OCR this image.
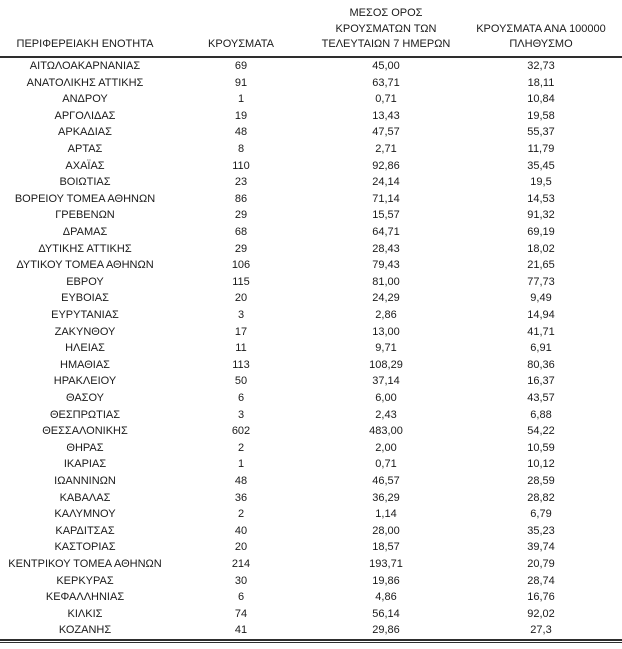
ΠΕΡΙΦΕΡΕΙΑΚΗ ΕΝΟΤΗΤΑ	ΚΡΟΥΣΜΑΤΑ	ΜΕΣΟΣ ΟΡΟΣ
ΚΡΟΥΣΜΑΤΩΝ ΤΩΝ
ΤΕΛΕΥΤΑΙΩΝ 7 ΗΜΕΡΩΝ	ΚΡΟΥΣΜΑΤΑ ΑΝΑ 100000
ΠΛΗΘΥΣΜΟ

ΑΙΤΩΛΟΑΚΑΡΝΑΝΙΑΣ	69	45,00	32,73
ΑΝΑΤΟΛΙΚΗΣ ΑΤΤΙΚΗΣ	91	63,71	18,11
ΑΝΔΡΟΥ	1	0,71	10,84
ΑΡΓΟΛΙΔΑΣ	19	13,43	19,58
ΑΡΚΑΔΙΑΣ	48	47,57	55,37
ΑΡΤΑΣ	8	2,71	11,79
ΑΧΑΪΑΣ	110	92,86	35,45
ΒΟΙΩΤΙΑΣ	23	24,14	19,5
ΒΟΡΕΙΟΥ ΤΟΜΕΑ ΑΘΗΝΩΝ	86	71,14	14,53
ΓΡΕΒΕΝΩΝ	29	15,57	91,32
ΔΡΑΜΑΣ	68	64,71	69,19
ΔΥΤΙΚΗΣ ΑΤΤΙΚΗΣ	29	28,43	18,02
ΔΥΤΙΚΟΥ ΤΟΜΕΑ ΑΘΗΝΩΝ	106	79,43	21,65
ΕΒΡΟΥ	115	81,00	77,73
ΕΥΒΟΙΑΣ	20	24,29	9,49
ΕΥΡΥΤΑΝΙΑΣ	3	2,86	14,94
ΖΑΚΥΝΘΟΥ	17	13,00	41,71
ΗΛΕΙΑΣ	11	9,71	6,91
ΗΜΑΘΙΑΣ	113	108,29	80,36
ΗΡΑΚΛΕΙΟΥ	50	37,14	16,37
ΘΑΣΟΥ	6	6,00	43,57
ΘΕΣΠΡΩΤΙΑΣ	3	2,43	6,88
ΘΕΣΣΑΛΟΝΙΚΗΣ	602	483,00	54,22
ΘΗΡΑΣ	2	2,00	10,59
ΙΚΑΡΙΑΣ	1	0,71	10,12
ΙΩΑΝΝΙΝΩΝ	48	46,57	28,59
ΚΑΒΑΛΑΣ	36	36,29	28,82
ΚΑΛΥΜΝΟΥ	2	1,14	6,79
ΚΑΡΔΙΤΣΑΣ	40	28,00	35,23
ΚΑΣΤΟΡΙΑΣ	20	18,57	39,74
ΚΕΝΤΡΙΚΟΥ ΤΟΜΕΑ ΑΘΗΝΩΝ	214	193,71	20,79
ΚΕΡΚΥΡΑΣ	30	19,86	28,74
ΚΕΦΑΛΛΗΝΙΑΣ	6	4,86	16,76
ΚΙΛΚΙΣ	74	56,14	92,02
ΚΟΖΑΝΗΣ	41	29,86	27,3
